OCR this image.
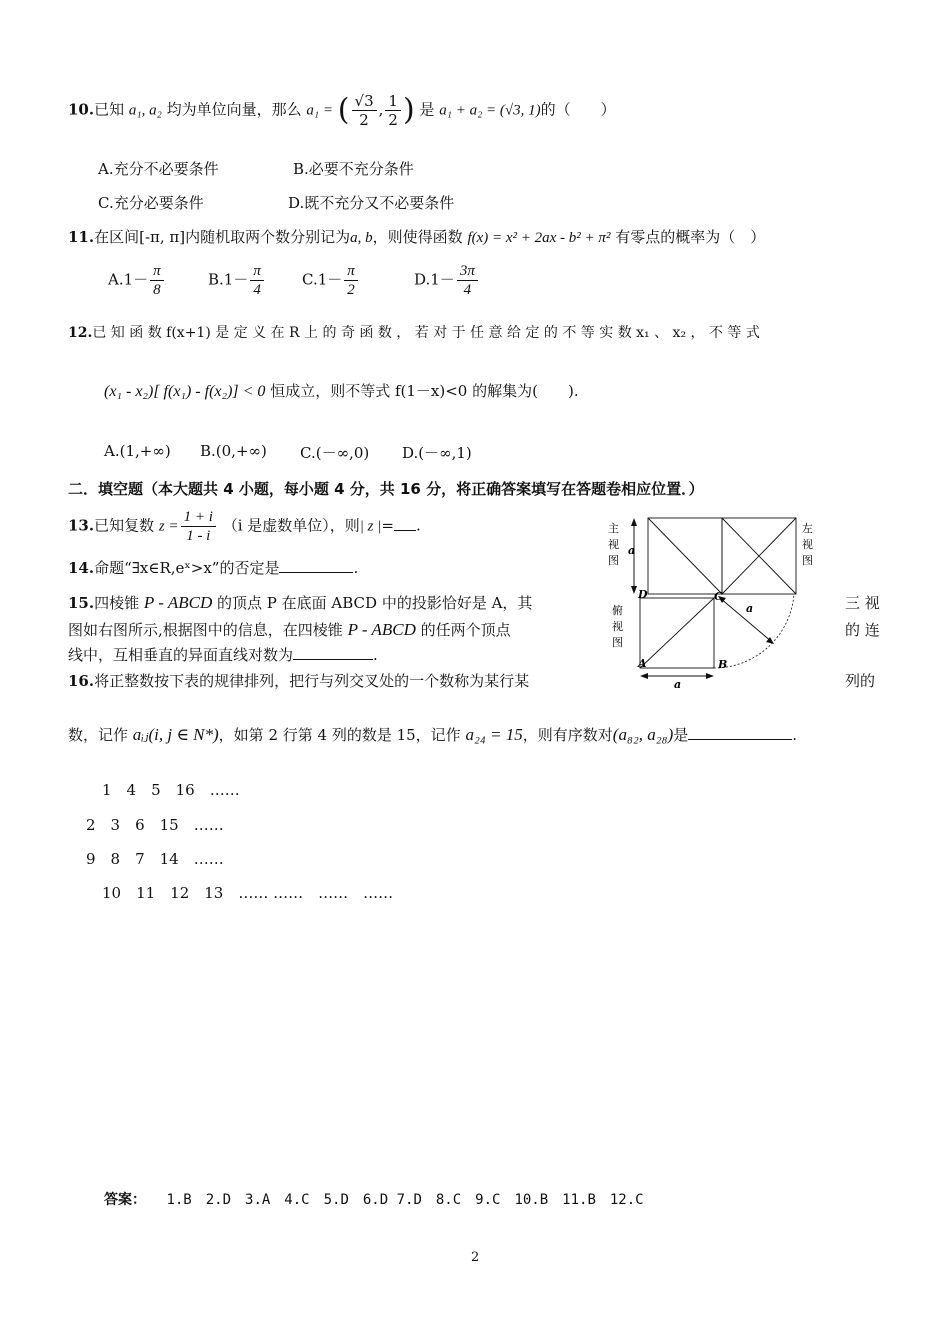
10.已知 a₁, a₂ 均为单位向量，那么 a₁ = ( $\frac{√3}{2}$ , $\frac{1}{2}$ ) 是 a₁ + a₂ = (√3, 1)的（　　）
A.充分不必要条件	B.必要不充分条件
C.充分必要条件	D.既不充分又不必要条件
11.在区间[-π, π]内随机取两个数分别记为a, b，则使得函数 f(x) = x² + 2ax - b² + π² 有零点的概率为（　）
$A.1- \frac{\pi}{8}$	$B.1- \frac{\pi}{4}$	$C.1- \frac{\pi}{2}$	$D.1- \frac{3\pi}{4}$
12.已 知 函 数 f(x+1) 是 定 义 在 R 上 的 奇 函 数 ， 若 对 于 任 意 给 定 的 不 等 实 数 x₁ 、 x₂ ， 不 等 式
(x₁ - x₂)[ f(x₁) - f(x₂)] < 0 恒成立，则不等式 f(1－x)<0 的解集为(　　).
A.(1,+∞) B.(0,+∞) C.(－∞,0) D.(－∞,1)
二．填空题（本大题共 4 小题，每小题 4 分，共 16 分，将正确答案填写在答题卷相应位置．）
13.已知复数 $z = \frac{1 + i}{1 - i} (i$ 是虚数单位），则| z |= .
14.命题“∃x∈R,eˣ>x”的否定是	.
15.四棱锥 P - ABCD 的顶点 P 在底面 ABCD 中的投影恰好是 A，其	三 视
图如右图所示,根据图中的信息，在四棱锥 P - ABCD 的任两个顶点	的 连
线中，互相垂直的异面直线对数为	.
16.将正整数按下表的规律排列，把行与列交叉处的一个数称为某行某	列的
数，记作 aᵢⱼ(i, j ∈ N*)，如第 2 行第 4 列的数是 15，记作 a₂₄ = 15，则有序数对(a₈₂, a₂₈)是	.
1　4　5　16　……
2　3　6　15　……
9　8　7　14　……
10　11　12　13　…… ……　……　……
主
视
图
左
视
图
俯
视
图
a
a
a
D	C
A	B
答案： 1.B　2.D　3.A　4.C　5.D　6.D 7.D　8.C　9.C　10.B　11.B　12.C
2
